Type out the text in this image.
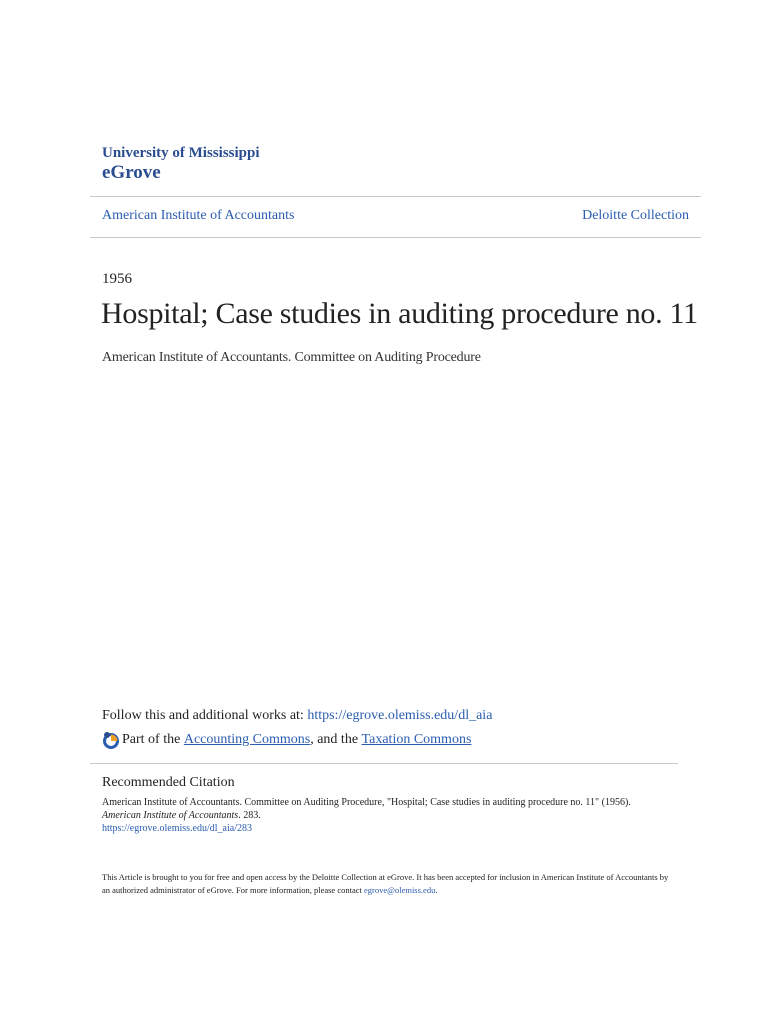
University of Mississippi
eGrove
American Institute of Accountants	Deloitte Collection
1956
Hospital; Case studies in auditing procedure no. 11
American Institute of Accountants. Committee on Auditing Procedure
Follow this and additional works at: https://egrove.olemiss.edu/dl_aia
Part of the
Accounting Commons , and the
Taxation Commons
Recommended Citation
American Institute of Accountants. Committee on Auditing Procedure, "Hospital; Case studies in auditing procedure no. 11" (1956).
American Institute of Accountants. 283.
https://egrove.olemiss.edu/dl_aia/283
This Article is brought to you for free and open access by the Deloitte Collection at eGrove. It has been accepted for inclusion in American Institute of Accountants by an authorized administrator of eGrove. For more information, please contact egrove@olemiss.edu.
